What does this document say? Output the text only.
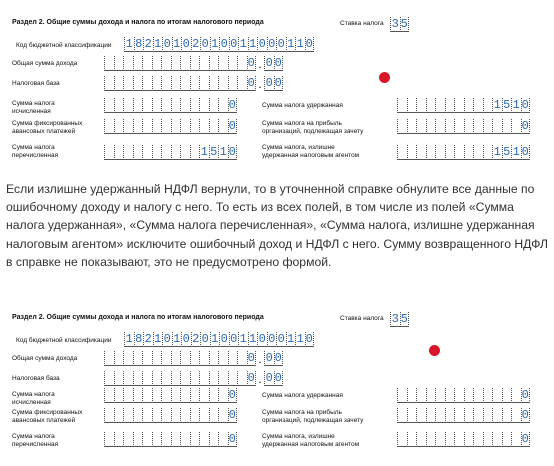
Раздел 2. Общие суммы дохода и налога по итогам налогового периода	Ставка налога 3 5
Код бюджетной классификации 1 8 2 1 0 1 0 2 0 1 0 0 1 1 0 0 0 1 1 0
Общая сумма дохода	0 . 0 0
Налоговая база	0 . 0 0
Сумма налога исчисленная	0	Сумма налога удержанная	1 5 1 0
Сумма фиксированных авансовых платежей	0	Сумма налога на прибыль организаций, подлежащая зачету	0
Сумма налога перечисленная	1 5 1 0	Сумма налога, излишне удержанная налоговым агентом	1 5 1 0

Если излишне удержанный НДФЛ вернули, то в уточненной справке обнулите все данные по ошибочному доходу и налогу с него. То есть из всех полей, в том числе из полей «Сумма налога удержанная», «Сумма налога перечисленная», «Сумма налога, излишне удержанная налоговым агентом» исключите ошибочный доход и НДФЛ с него. Сумму возвращенного НДФЛ в справке не показывают, это не предусмотрено формой.

Раздел 2. Общие суммы дохода и налога по итогам налогового периода	Ставка налога 3 5
Код бюджетной классификации 1 8 2 1 0 1 0 2 0 1 0 0 1 1 0 0 0 1 1 0
Общая сумма дохода	0 . 0 0
Налоговая база	0 . 0 0
Сумма налога исчисленная	0	Сумма налога удержанная	0
Сумма фиксированных авансовых платежей	0	Сумма налога на прибыль организаций, подлежащая зачету	0
Сумма налога перечисленная	0	Сумма налога, излишне удержанная налоговым агентом	0
